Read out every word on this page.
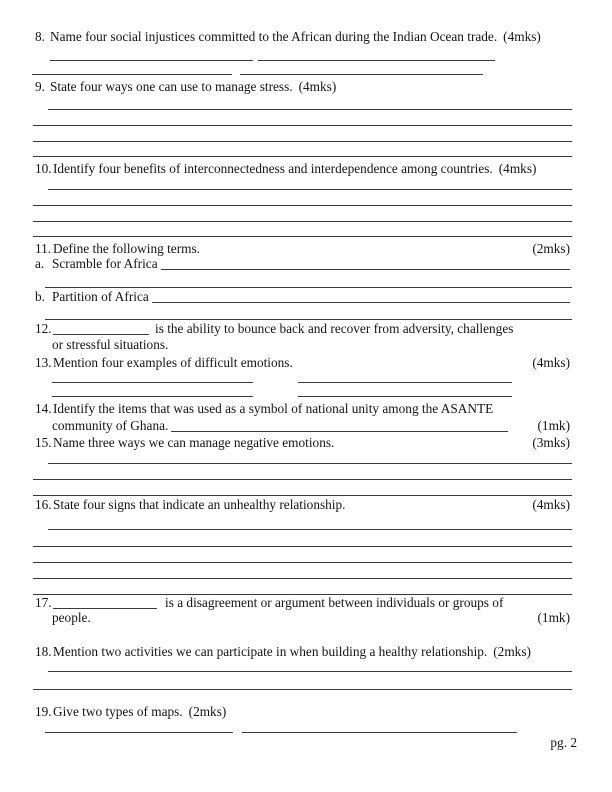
8. Name four social injustices committed to the African during the Indian Ocean trade. (4mks)
9. State four ways one can use to manage stress. (4mks)
10.Identify four benefits of interconnectedness and interdependence among countries. (4mks)
11. Define the following terms.	(2mks)
a. Scramble for Africa
b. Partition of Africa
12.	is the ability to bounce back and recover from adversity, challenges
or stressful situations.
13.Mention four examples of difficult emotions.	(4mks)
14.Identify the items that was used as a symbol of national unity among the ASANTE
community of Ghana.	(1mk)
15.Name three ways we can manage negative emotions.	(3mks)
16.State four signs that indicate an unhealthy relationship.	(4mks)
17.	is a disagreement or argument between individuals or groups of
people.	(1mk)
18.Mention two activities we can participate in when building a healthy relationship. (2mks)
19.Give two types of maps. (2mks)
pg. 2
